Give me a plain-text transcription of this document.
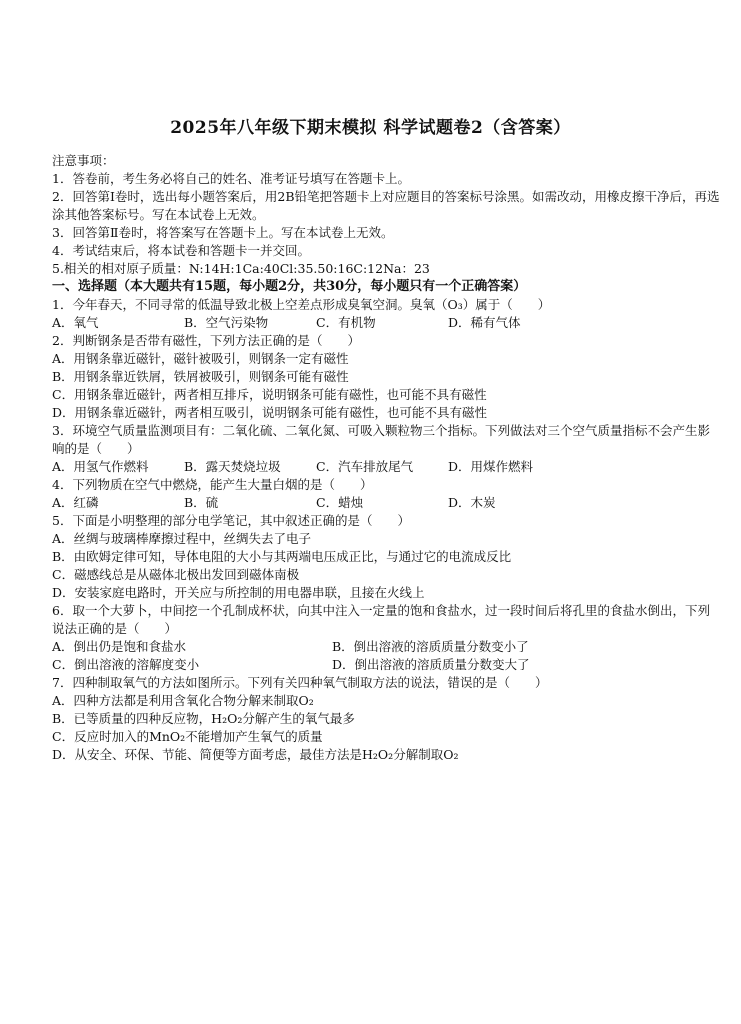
2025年八年级下期末模拟 科学试题卷2（含答案）
注意事项：
1．答卷前，考生务必将自己的姓名、准考证号填写在答题卡上。
2．回答第Ⅰ卷时，选出每小题答案后，用2B铅笔把答题卡上对应题目的答案标号涂黑。如需改动，用橡皮擦干净后，再选涂其他答案标号。写在本试卷上无效。
3．回答第Ⅱ卷时，将答案写在答题卡上。写在本试卷上无效。
4．考试结束后，将本试卷和答题卡一并交回。
5.相关的相对原子质量：N:14H:1Ca:40Cl:35.50:16C:12Na：23
一、选择题（本大题共有15题，每小题2分，共30分，每小题只有一个正确答案）
1．今年春天，不同寻常的低温导致北极上空差点形成臭氧空洞。臭氧（O₃）属于（　　）
A．氧气	B．空气污染物	C．有机物	D．稀有气体
2．判断钢条是否带有磁性，下列方法正确的是（　　）
A．用钢条靠近磁针，磁针被吸引，则钢条一定有磁性
B．用钢条靠近铁屑，铁屑被吸引，则钢条可能有磁性
C．用钢条靠近磁针，两者相互排斥，说明钢条可能有磁性，也可能不具有磁性
D．用钢条靠近磁针，两者相互吸引，说明钢条可能有磁性，也可能不具有磁性
3．环境空气质量监测项目有：二氧化硫、二氧化氮、可吸入颗粒物三个指标。下列做法对三个空气质量指标不会产生影响的是（　　）
A．用氢气作燃料	B．露天焚烧垃圾	C．汽车排放尾气	D．用煤作燃料
4．下列物质在空气中燃烧，能产生大量白烟的是（　　）
A．红磷	B．硫	C．蜡烛	D．木炭
5．下面是小明整理的部分电学笔记，其中叙述正确的是（　　）
A．丝绸与玻璃棒摩擦过程中，丝绸失去了电子
B．由欧姆定律可知，导体电阻的大小与其两端电压成正比，与通过它的电流成反比
C．磁感线总是从磁体北极出发回到磁体南极
D．安装家庭电路时，开关应与所控制的用电器串联，且接在火线上
6．取一个大萝卜，中间挖一个孔制成杯状，向其中注入一定量的饱和食盐水，过一段时间后将孔里的食盐水倒出，下列说法正确的是（　　）
A．倒出仍是饱和食盐水	B．倒出溶液的溶质质量分数变小了
C．倒出溶液的溶解度变小	D．倒出溶液的溶质质量分数变大了
7．四种制取氧气的方法如图所示。下列有关四种氧气制取方法的说法，错误的是（　　）
A．四种方法都是利用含氧化合物分解来制取O₂
B．已等质量的四种反应物，H₂O₂分解产生的氧气最多
C．反应时加入的MnO₂不能增加产生氧气的质量
D．从安全、环保、节能、简便等方面考虑，最佳方法是H₂O₂分解制取O₂
